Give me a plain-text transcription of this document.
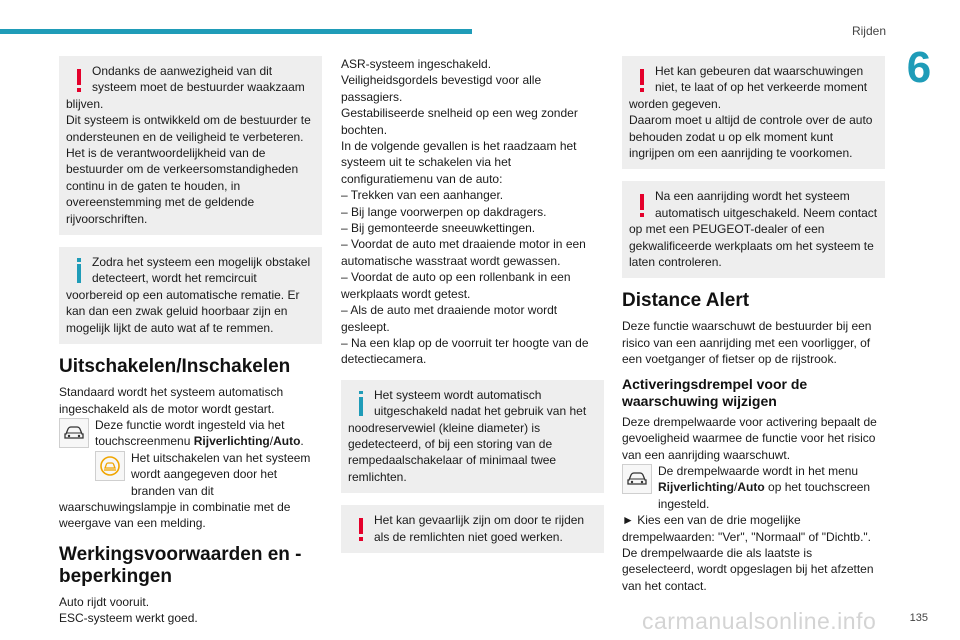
Rijden
6
135

Ondanks de aanwezigheid van dit systeem moet de bestuurder waakzaam blijven.

Dit systeem is ontwikkeld om de bestuurder te ondersteunen en de veiligheid te verbeteren.

Het is de verantwoordelijkheid van de bestuurder om de verkeersomstandigheden continu in de gaten te houden, in overeenstemming met de geldende rijvoorschriften.

Zodra het systeem een mogelijk obstakel detecteert, wordt het remcircuit voorbereid op een automatische rematie. Er kan dan een zwak geluid hoorbaar zijn en mogelijk lijkt de auto wat af te remmen.

Uitschakelen/Inschakelen

Standaard wordt het systeem automatisch ingeschakeld als de motor wordt gestart.

Deze functie wordt ingesteld via het touchscreenmenu Rijverlichting/Auto.
Het uitschakelen van het systeem wordt aangegeven door het branden van dit waarschuwingslampje in combinatie met de weergave van een melding.
Werkingsvoorwaarden en -beperkingen

Auto rijdt vooruit.

ESC-systeem werkt goed.

ASR-systeem ingeschakeld.

Veiligheidsgordels bevestigd voor alle passagiers.

Gestabiliseerde snelheid op een weg zonder bochten.

In de volgende gevallen is het raadzaam het systeem uit te schakelen via het configuratiemenu van de auto:

– Trekken van een aanhanger.

– Bij lange voorwerpen op dakdragers.

– Bij gemonteerde sneeuwkettingen.

– Voordat de auto met draaiende motor in een automatische wasstraat wordt gewassen.

– Voordat de auto op een rollenbank in een werkplaats wordt getest.

– Als de auto met draaiende motor wordt gesleept.

– Na een klap op de voorruit ter hoogte van de detectiecamera.

Het systeem wordt automatisch uitgeschakeld nadat het gebruik van het noodreservewiel (kleine diameter) is gedetecteerd, of bij een storing van de rempedaalschakelaar of minimaal twee remlichten.

Het kan gevaarlijk zijn om door te rijden als de remlichten niet goed werken.

Het kan gebeuren dat waarschuwingen niet, te laat of op het verkeerde moment worden gegeven.

Daarom moet u altijd de controle over de auto behouden zodat u op elk moment kunt ingrijpen om een aanrijding te voorkomen.

Na een aanrijding wordt het systeem automatisch uitgeschakeld. Neem contact op met een PEUGEOT-dealer of een gekwalificeerde werkplaats om het systeem te laten controleren.

Distance Alert

Deze functie waarschuwt de bestuurder bij een risico van een aanrijding met een voorligger, of een voetganger of fietser op de rijstrook.

Activeringsdrempel voor de waarschuwing wijzigen

Deze drempelwaarde voor activering bepaalt de gevoeligheid waarmee de functie voor het risico van een aanrijding waarschuwt.

De drempelwaarde wordt in het menu Rijverlichting/Auto op het touchscreen ingesteld.

► Kies een van de drie mogelijke drempelwaarden: "Ver", "Normaal" of "Dichtb.".

De drempelwaarde die als laatste is geselecteerd, wordt opgeslagen bij het afzetten van het contact.

carmanualsonline.info
